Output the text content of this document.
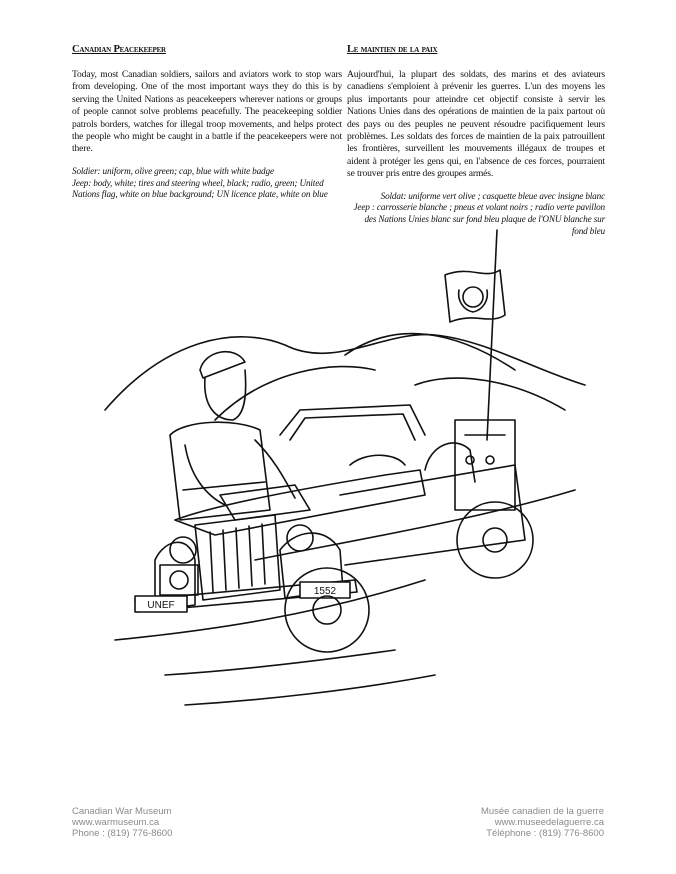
Canadian Peacekeeper

Today, most Canadian soldiers, sailors and aviators work to stop wars from developing. One of the most important ways they do this is by serving the United Nations as peacekeepers wherever nations or groups of people cannot solve problems peacefully. The peacekeeping soldier patrols borders, watches for illegal troop movements, and helps protect the people who might be caught in a battle if the peacekeepers were not there.

Soldier: uniform, olive green; cap, blue with white badge

Jeep: body, white; tires and steering wheel, black; radio, green; United Nations flag, white on blue background; UN licence plate, white on blue

Le maintien de la paix

Aujourd'hui, la plupart des soldats, des marins et des aviateurs canadiens s'emploient à prévenir les guerres. L'un des moyens les plus importants pour atteindre cet objectif consiste à servir les Nations Unies dans des opérations de maintien de la paix partout où des pays ou des peuples ne peuvent résoudre pacifiquement leurs problèmes. Les soldats des forces de maintien de la paix patrouillent les frontières, surveillent les mouvements illégaux de troupes et aident à protéger les gens qui, en l'absence de ces forces, pourraient se trouver pris entre des groupes armés.

Soldat: uniforme vert olive ; casquette bleue avec insigne blanc

Jeep : carrosserie blanche ; pneus et volant noirs ; radio verte pavillon des Nations Unies blanc sur fond bleu plaque de l'ONU blanche sur fond bleu

UNEF
1552
Canadian War Museum
www.warmuseum.ca
Phone : (819) 776-8600
Musée canadien de la guerre
www.museedelaguerre.ca
Téléphone : (819) 776-8600
